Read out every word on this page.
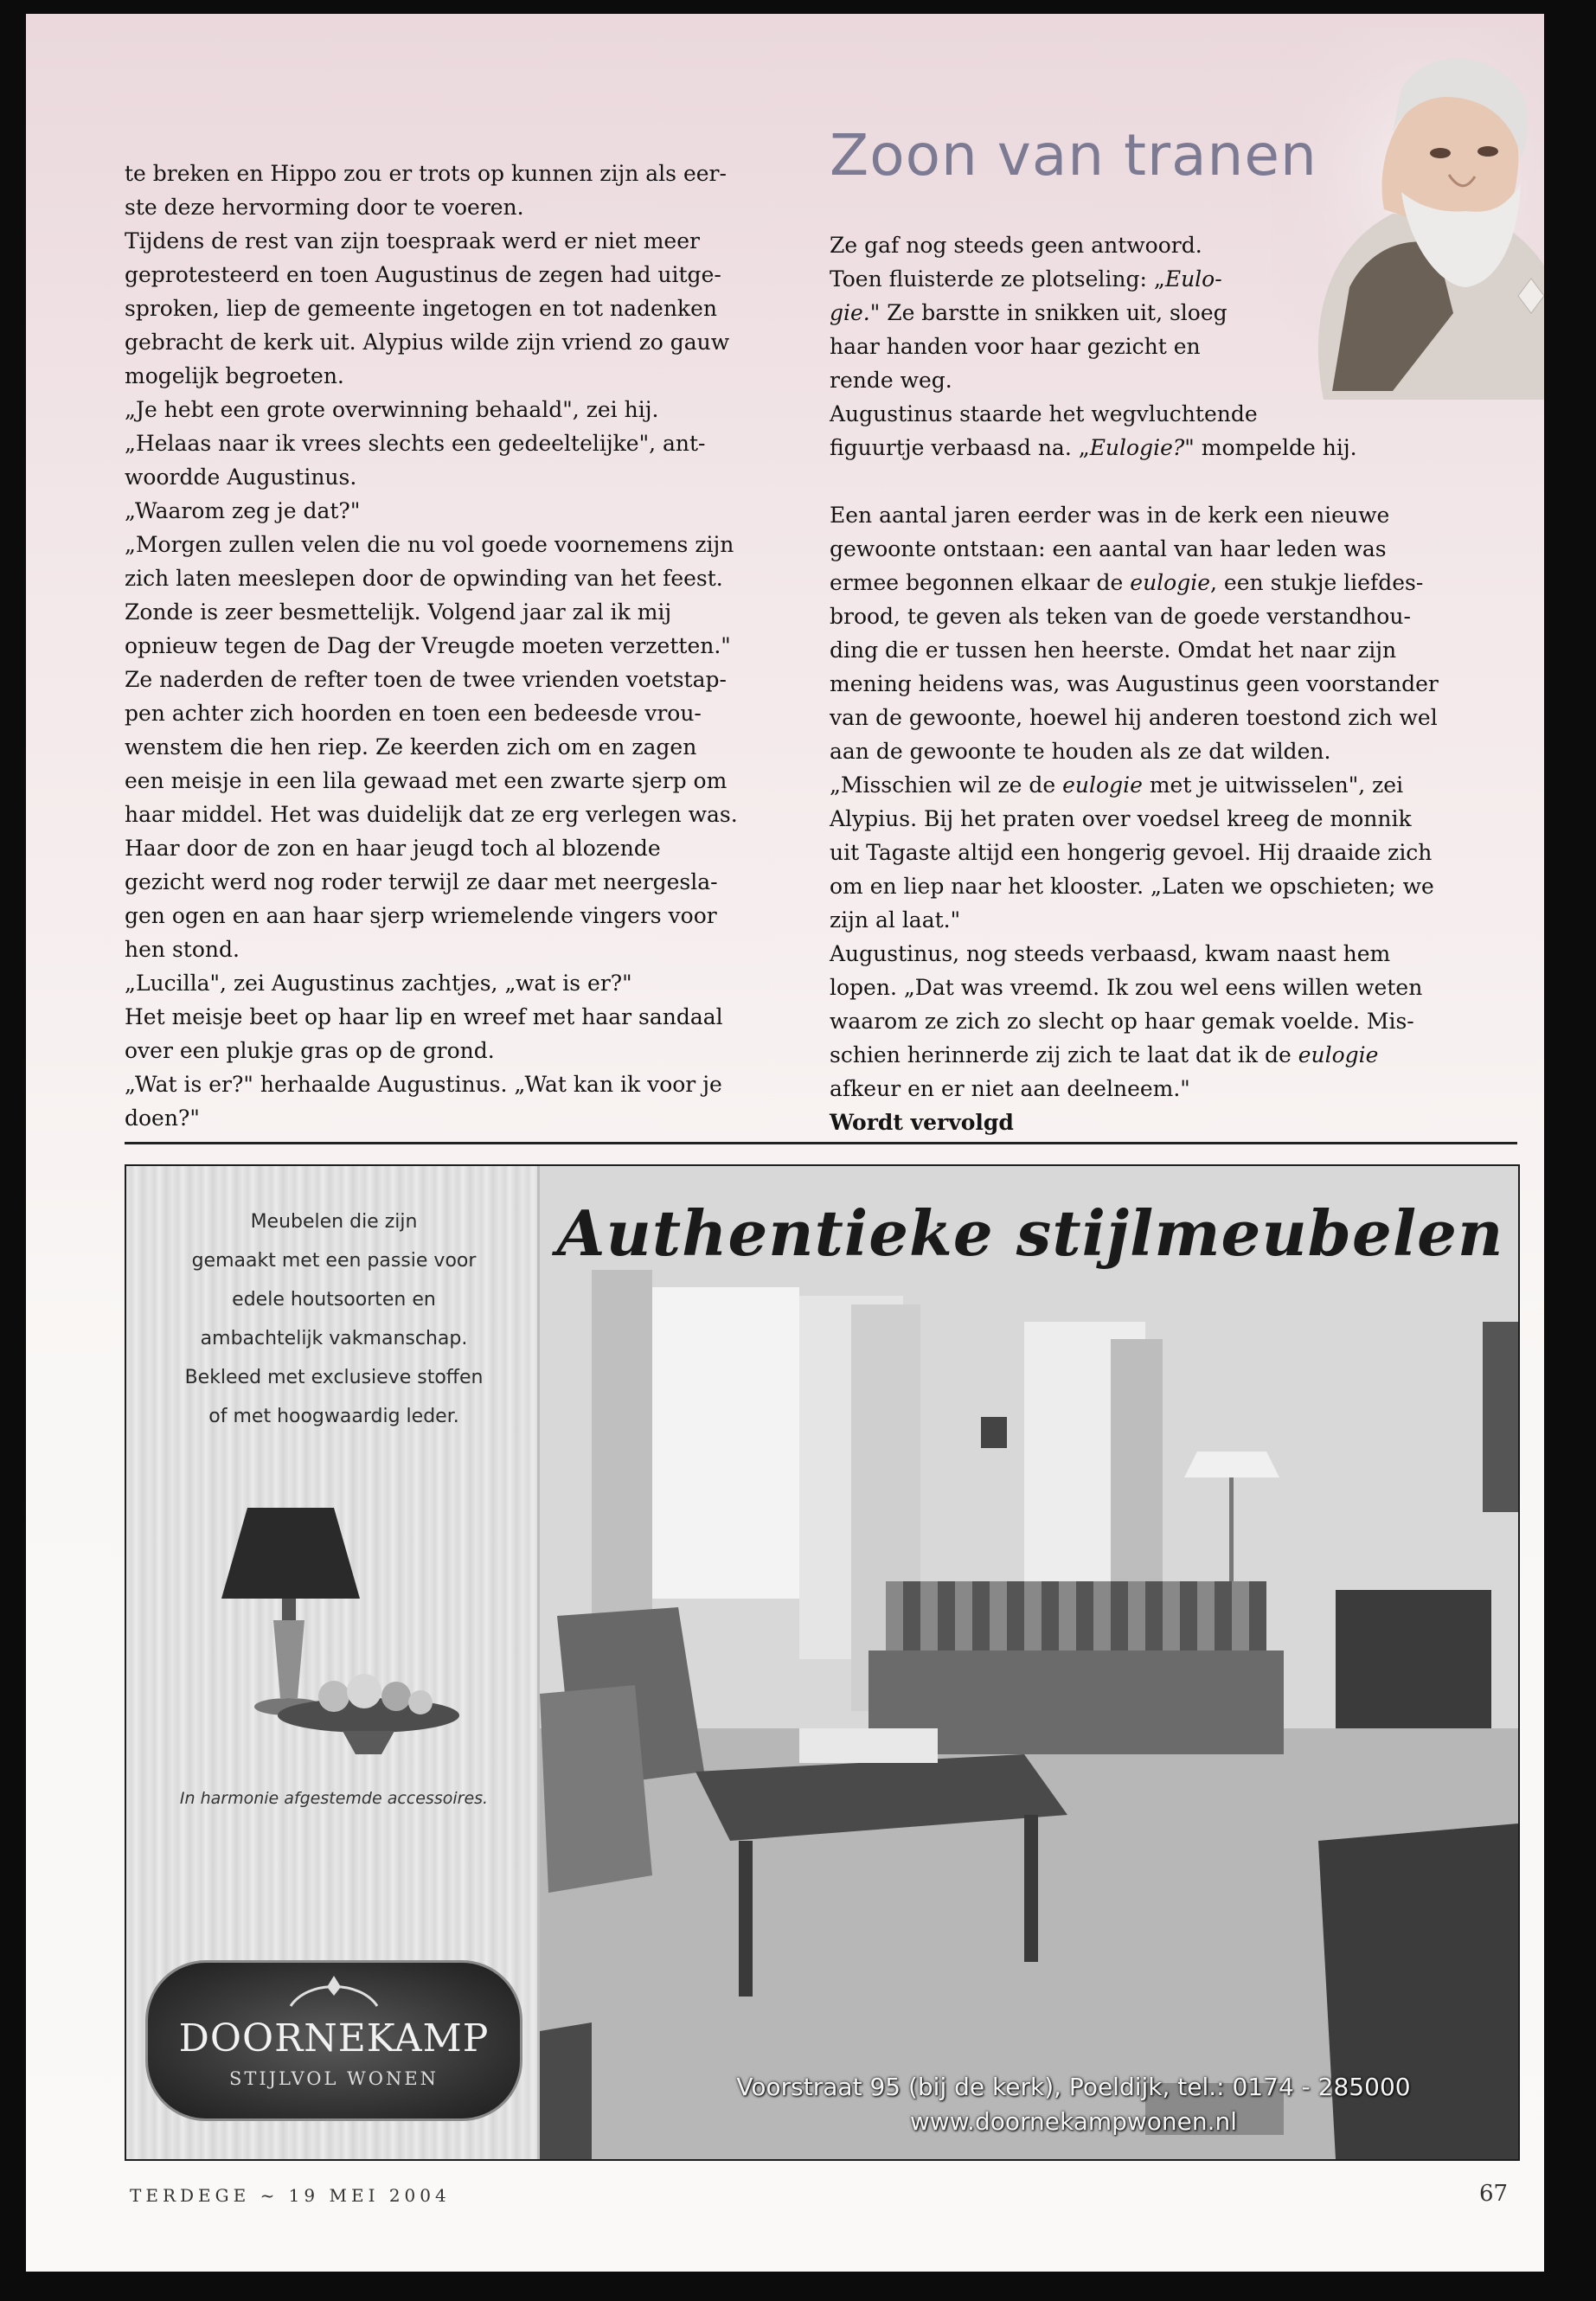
Zoon van tranen

te breken en Hippo zou er trots op kunnen zijn als eer-

ste deze hervorming door te voeren.

Tijdens de rest van zijn toespraak werd er niet meer

geprotesteerd en toen Augustinus de zegen had uitge-

sproken, liep de gemeente ingetogen en tot nadenken

gebracht de kerk uit. Alypius wilde zijn vriend zo gauw

mogelijk begroeten.

„Je hebt een grote overwinning behaald", zei hij.

„Helaas naar ik vrees slechts een gedeeltelijke", ant-

woordde Augustinus.

„Waarom zeg je dat?"

„Morgen zullen velen die nu vol goede voornemens zijn

zich laten meeslepen door de opwinding van het feest.

Zonde is zeer besmettelijk. Volgend jaar zal ik mij

opnieuw tegen de Dag der Vreugde moeten verzetten."

Ze naderden de refter toen de twee vrienden voetstap-

pen achter zich hoorden en toen een bedeesde vrou-

wenstem die hen riep. Ze keerden zich om en zagen

een meisje in een lila gewaad met een zwarte sjerp om

haar middel. Het was duidelijk dat ze erg verlegen was.

Haar door de zon en haar jeugd toch al blozende

gezicht werd nog roder terwijl ze daar met neergesla-

gen ogen en aan haar sjerp wriemelende vingers voor

hen stond.

„Lucilla", zei Augustinus zachtjes, „wat is er?"

Het meisje beet op haar lip en wreef met haar sandaal

over een plukje gras op de grond.

„Wat is er?" herhaalde Augustinus. „Wat kan ik voor je

doen?"

Ze gaf nog steeds geen antwoord.

Toen fluisterde ze plotseling: „Eulo-

gie." Ze barstte in snikken uit, sloeg

haar handen voor haar gezicht en

rende weg.

Augustinus staarde het wegvluchtende

figuurtje verbaasd na. „Eulogie?" mompelde hij.

Een aantal jaren eerder was in de kerk een nieuwe

gewoonte ontstaan: een aantal van haar leden was

ermee begonnen elkaar de eulogie, een stukje liefdes-

brood, te geven als teken van de goede verstandhou-

ding die er tussen hen heerste. Omdat het naar zijn

mening heidens was, was Augustinus geen voorstander

van de gewoonte, hoewel hij anderen toestond zich wel

aan de gewoonte te houden als ze dat wilden.

„Misschien wil ze de eulogie met je uitwisselen", zei

Alypius. Bij het praten over voedsel kreeg de monnik

uit Tagaste altijd een hongerig gevoel. Hij draaide zich

om en liep naar het klooster. „Laten we opschieten; we

zijn al laat."

Augustinus, nog steeds verbaasd, kwam naast hem

lopen. „Dat was vreemd. Ik zou wel eens willen weten

waarom ze zich zo slecht op haar gemak voelde. Mis-

schien herinnerde zij zich te laat dat ik de eulogie

afkeur en er niet aan deelneem."

Wordt vervolgd

Meubelen die zijn
gemaakt met een passie voor
edele houtsoorten en
ambachtelijk vakmanschap.
Bekleed met exclusieve stoffen
of met hoogwaardig leder.

In harmonie afgestemde accessoires.
DOORNEKAMP
STIJLVOL WONEN
Authentieke stijlmeubelen
Voorstraat 95 (bij de kerk), Poeldijk, tel.: 0174 - 285000
www.doornekampwonen.nl
TERDEGE ~ 19 MEI 2004	67
